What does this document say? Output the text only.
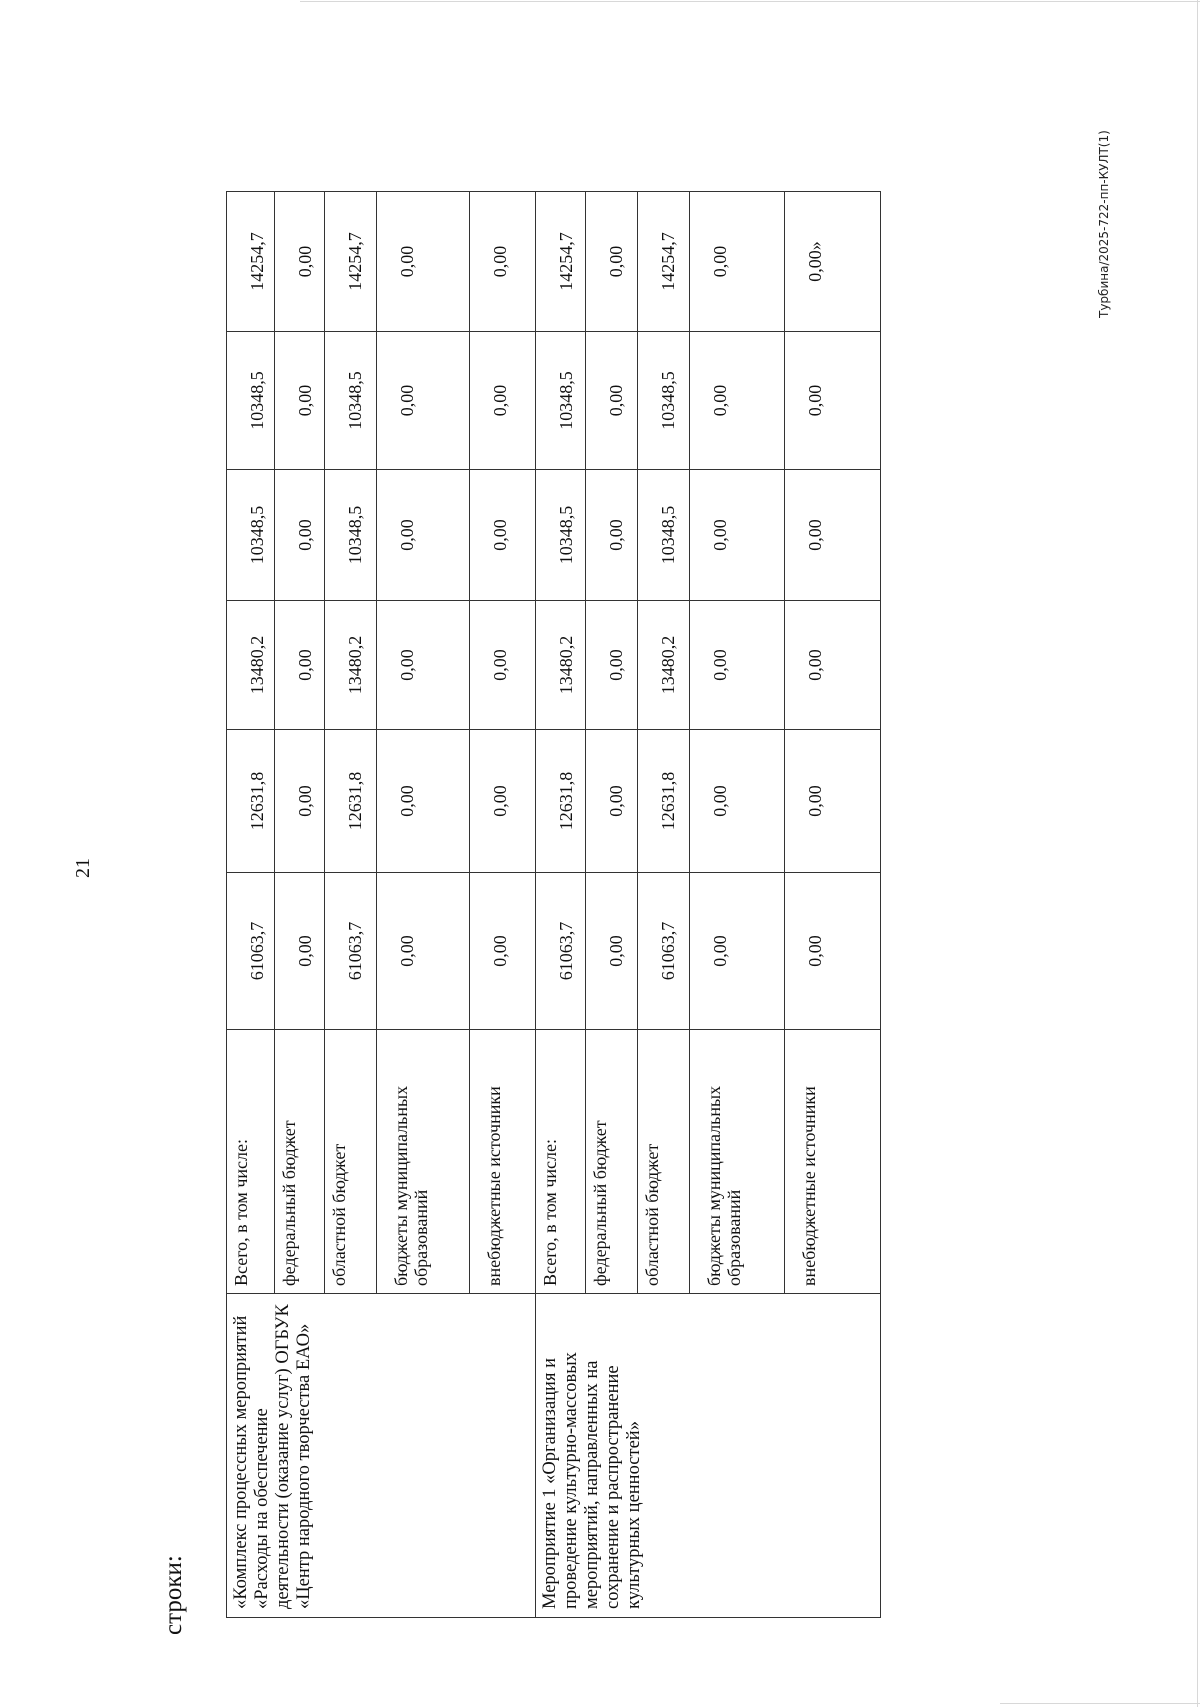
21
Турбина/2025-722-пп-КУЛТ(1)
строки: «Комплекс процессных мероприятий «Расходы на обеспечение деятельности (оказание услуг) ОГБУК «Центр народного творчества ЕАО»	Всего, в том числе:	61063,7	12631,8	13480,2	10348,5	10348,5	14254,7
	федеральный бюджет	0,00	0,00	0,00	0,00	0,00	0,00
	областной бюджет	61063,7	12631,8	13480,2	10348,5	10348,5	14254,7
	бюджеты муниципальных образований	0,00	0,00	0,00	0,00	0,00	0,00
	внебюджетные источники	0,00	0,00	0,00	0,00	0,00	0,00
Мероприятие 1 «Организация и проведение культурно-массовых мероприятий, направленных на сохранение и распространение культурных ценностей»	Всего, в том числе:	61063,7	12631,8	13480,2	10348,5	10348,5	14254,7
	федеральный бюджет	0,00	0,00	0,00	0,00	0,00	0,00
	областной бюджет	61063,7	12631,8	13480,2	10348,5	10348,5	14254,7
	бюджеты муниципальных образований	0,00	0,00	0,00	0,00	0,00	0,00
	внебюджетные источники	0,00	0,00	0,00	0,00	0,00	0,00»
